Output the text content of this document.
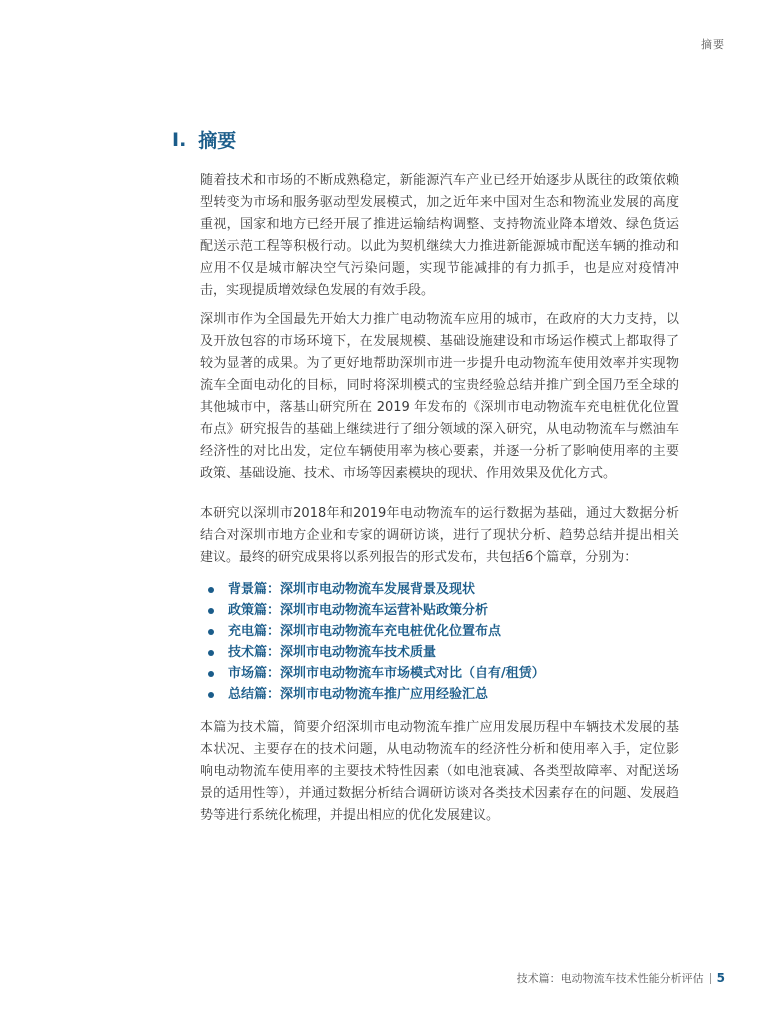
摘要
I. 摘要

随着技术和市场的不断成熟稳定，新能源汽车产业已经开始逐步从既往的政策依赖型转变为市场和服务驱动型发展模式，加之近年来中国对生态和物流业发展的高度重视，国家和地方已经开展了推进运输结构调整、支持物流业降本增效、绿色货运配送示范工程等积极行动。以此为契机继续大力推进新能源城市配送车辆的推动和应用不仅是城市解决空气污染问题，实现节能减排的有力抓手，也是应对疫情冲击，实现提质增效绿色发展的有效手段。

深圳市作为全国最先开始大力推广电动物流车应用的城市，在政府的大力支持，以及开放包容的市场环境下，在发展规模、基础设施建设和市场运作模式上都取得了较为显著的成果。为了更好地帮助深圳市进一步提升电动物流车使用效率并实现物流车全面电动化的目标，同时将深圳模式的宝贵经验总结并推广到全国乃至全球的其他城市中，落基山研究所在 2019 年发布的《深圳市电动物流车充电桩优化位置布点》研究报告的基础上继续进行了细分领域的深入研究，从电动物流车与燃油车经济性的对比出发，定位车辆使用率为核心要素，并逐一分析了影响使用率的主要政策、基础设施、技术、市场等因素模块的现状、作用效果及优化方式。

本研究以深圳市2018年和2019年电动物流车的运行数据为基础，通过大数据分析结合对深圳市地方企业和专家的调研访谈，进行了现状分析、趋势总结并提出相关建议。最终的研究成果将以系列报告的形式发布，共包括6个篇章，分别为：

背景篇：深圳市电动物流车发展背景及现状
政策篇：深圳市电动物流车运营补贴政策分析
充电篇：深圳市电动物流车充电桩优化位置布点
技术篇：深圳市电动物流车技术质量
市场篇：深圳市电动物流车市场模式对比（自有/租赁）
总结篇：深圳市电动物流车推广应用经验汇总

本篇为技术篇，简要介绍深圳市电动物流车推广应用发展历程中车辆技术发展的基本状况、主要存在的技术问题，从电动物流车的经济性分析和使用率入手，定位影响电动物流车使用率的主要技术特性因素（如电池衰减、各类型故障率、对配送场景的适用性等），并通过数据分析结合调研访谈对各类技术因素存在的问题、发展趋势等进行系统化梳理，并提出相应的优化发展建议。

技术篇：电动物流车技术性能分析评估 5
